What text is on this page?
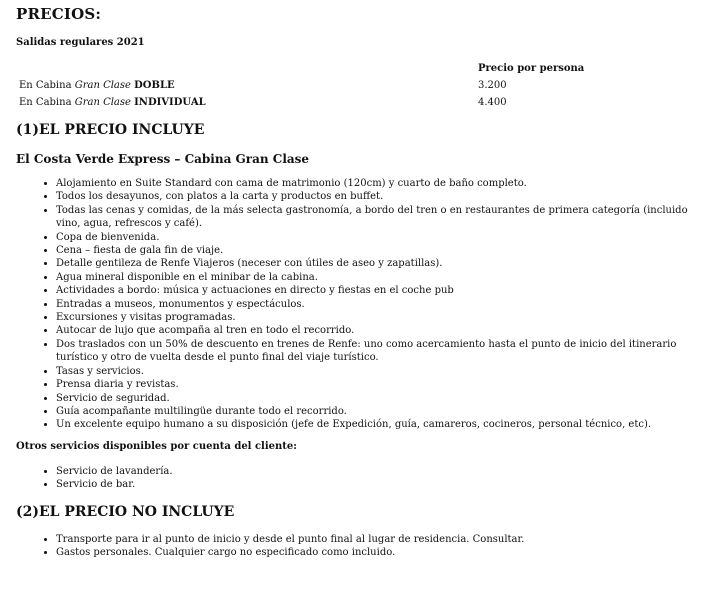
PRECIOS:

Salidas regulares 2021

	Precio por persona
En Cabina Gran Clase DOBLE	3.200
En Cabina Gran Clase INDIVIDUAL	4.400
(1)EL PRECIO INCLUYE
El Costa Verde Express – Cabina Gran Clase
• Alojamiento en Suite Standard con cama de matrimonio (120cm) y cuarto de baño completo.
• Todos los desayunos, con platos a la carta y productos en buffet.
• Todas las cenas y comidas, de la más selecta gastronomía, a bordo del tren o en restaurantes de primera categoría (incluido vino, agua, refrescos y café).
• Copa de bienvenida.
• Cena – fiesta de gala fin de viaje.
• Detalle gentileza de Renfe Viajeros (neceser con útiles de aseo y zapatillas).
• Agua mineral disponible en el minibar de la cabina.
• Actividades a bordo: música y actuaciones en directo y fiestas en el coche pub
• Entradas a museos, monumentos y espectáculos.
• Excursiones y visitas programadas.
• Autocar de lujo que acompaña al tren en todo el recorrido.
• Dos traslados con un 50% de descuento en trenes de Renfe: uno como acercamiento hasta el punto de inicio del itinerario turístico y otro de vuelta desde el punto final del viaje turístico.
• Tasas y servicios.
• Prensa diaria y revistas.
• Servicio de seguridad.
• Guía acompañante multilingüe durante todo el recorrido.
• Un excelente equipo humano a su disposición (jefe de Expedición, guía, camareros, cocineros, personal técnico, etc).

Otros servicios disponibles por cuenta del cliente:

• Servicio de lavandería.
• Servicio de bar.
(2)EL PRECIO NO INCLUYE
• Transporte para ir al punto de inicio y desde el punto final al lugar de residencia. Consultar.
• Gastos personales. Cualquier cargo no especificado como incluido.
